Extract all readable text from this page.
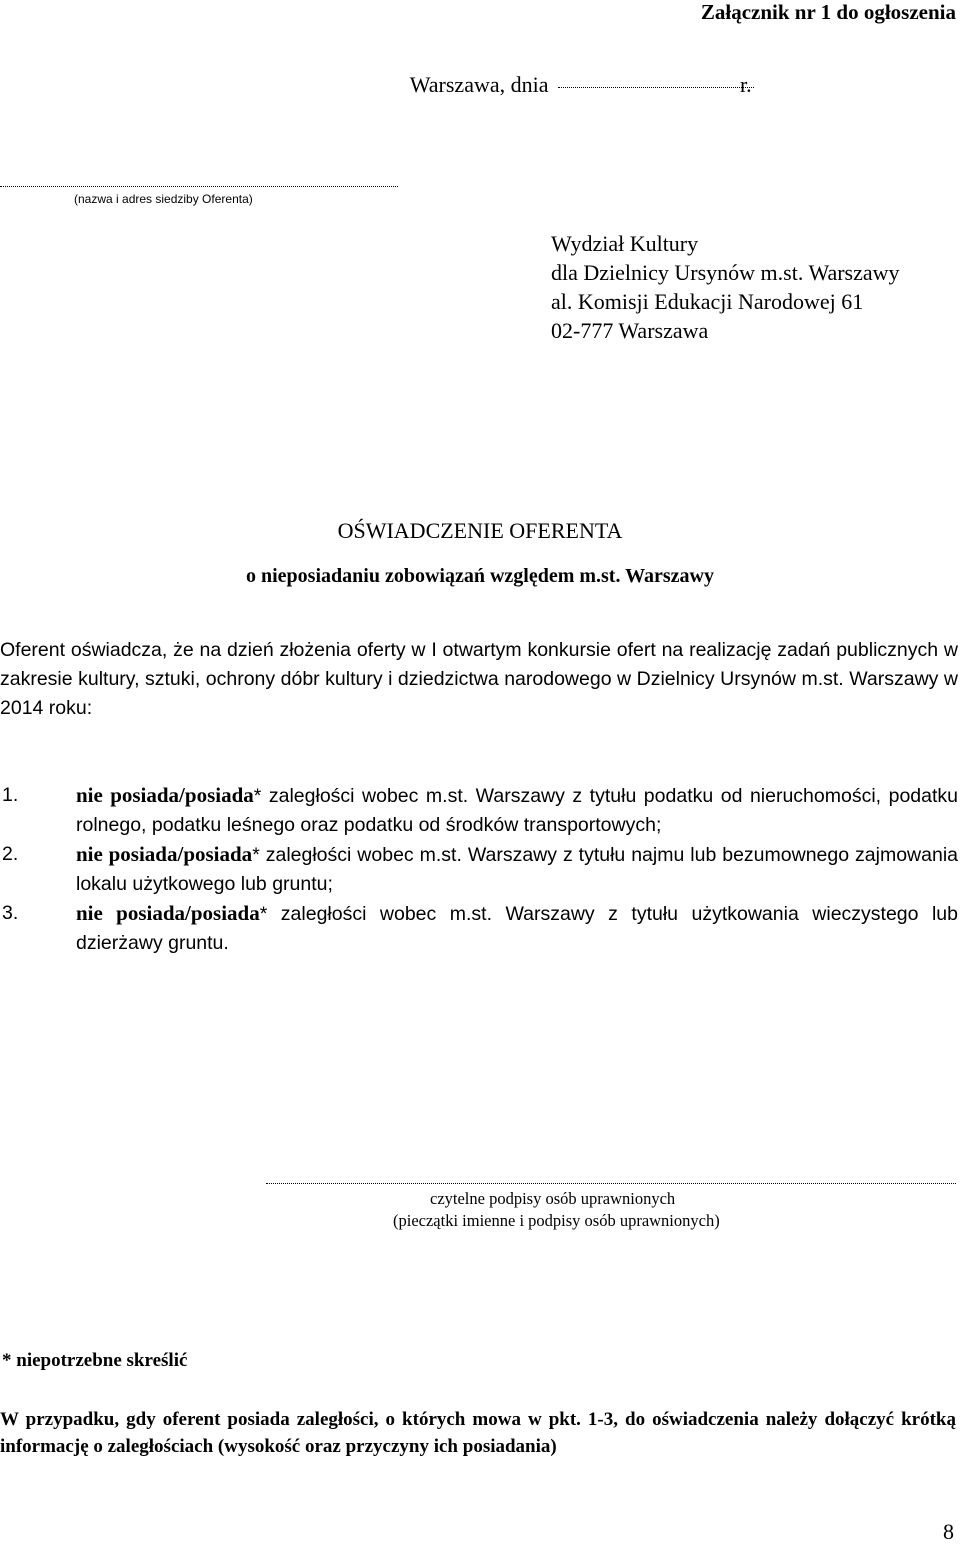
Załącznik nr 1 do ogłoszenia
Warszawa, dnia	r.
(nazwa i adres siedziby Oferenta)
Wydział Kultury
dla Dzielnicy Ursynów m.st. Warszawy
al. Komisji Edukacji Narodowej 61
02-777 Warszawa
OŚWIADCZENIE OFERENTA
o nieposiadaniu zobowiązań względem m.st. Warszawy
Oferent oświadcza, że na dzień złożenia oferty w I otwartym konkursie ofert na realizację zadań publicznych w zakresie kultury, sztuki, ochrony dóbr kultury i dziedzictwa narodowego w Dzielnicy Ursynów m.st. Warszawy w 2014 roku:
1.	nie posiada/posiada* zaległości wobec m.st. Warszawy z tytułu podatku od nieruchomości, podatku rolnego, podatku leśnego oraz podatku od środków transportowych;
2.	nie posiada/posiada* zaległości wobec m.st. Warszawy z tytułu najmu lub bezumownego zajmowania lokalu użytkowego lub gruntu;
3.	nie posiada/posiada* zaległości wobec m.st. Warszawy z tytułu użytkowania wieczystego lub dzierżawy gruntu.
czytelne podpisy osób uprawnionych
(pieczątki imienne i podpisy osób uprawnionych)
* niepotrzebne skreślić
W przypadku, gdy oferent posiada zaległości, o których mowa w pkt. 1-3, do oświadczenia należy dołączyć krótką informację o zaległościach (wysokość oraz przyczyny ich posiadania)
8
